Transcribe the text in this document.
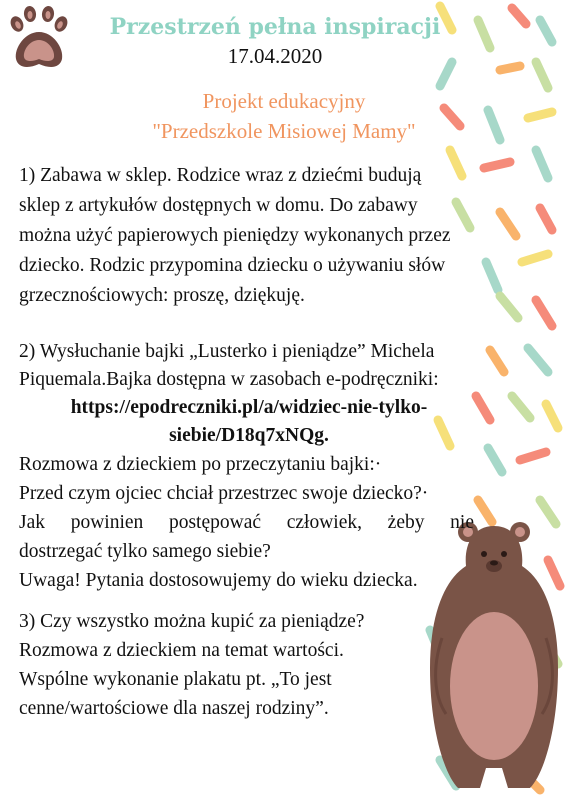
Przestrzeń pełna inspiracji
17.04.2020
Projekt edukacyjny
"Przedszkole Misiowej Mamy"
1) Zabawa w sklep. Rodzice wraz z dziećmi budują
sklep z artykułów dostępnych w domu. Do zabawy
można użyć papierowych pieniędzy wykonanych przez
dziecko. Rodzic przypomina dziecku o używaniu słów
grzecznościowych: proszę, dziękuję.
2) Wysłuchanie bajki „Lusterko i pieniądze” Michela
Piquemala.Bajka dostępna w zasobach e-podręczniki:
https://epodreczniki.pl/a/widziec-nie-tylko-
siebie/D18q7xNQg.
Rozmowa z dzieckiem po przeczytaniu bajki:·
Przed czym ojciec chciał przestrzec swoje dziecko?·
Jak powinien postępować człowiek, żeby nie
dostrzegać tylko samego siebie?
Uwaga! Pytania dostosowujemy do wieku dziecka.
3) Czy wszystko można kupić za pieniądze?
Rozmowa z dzieckiem na temat wartości.
Wspólne wykonanie plakatu pt. „To jest
cenne/wartościowe dla naszej rodziny”.
